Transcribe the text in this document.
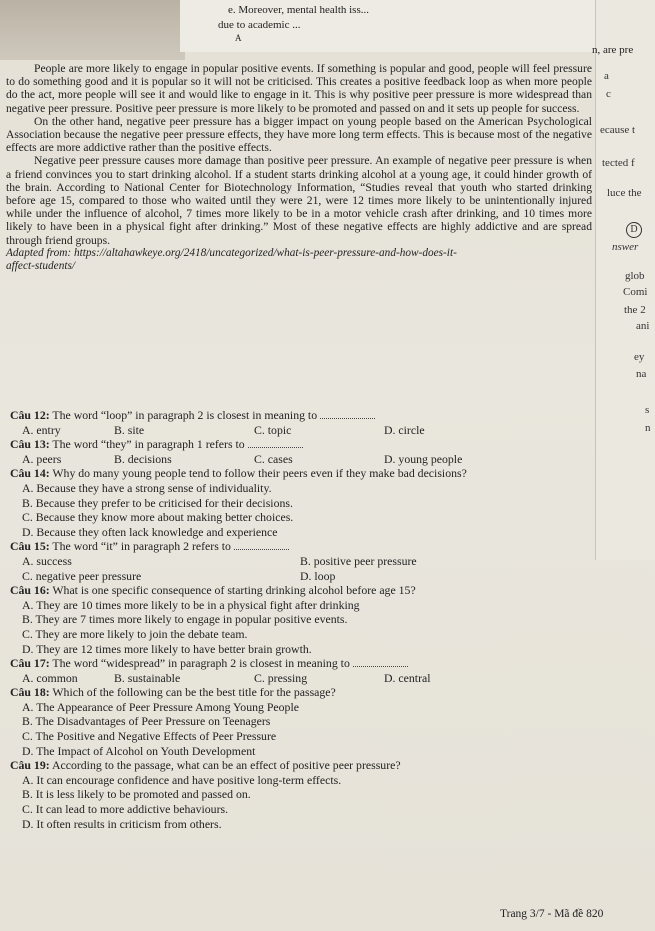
e. Moreover, mental health iss...
due to academic ...
A
n, are pre
a
c
ecause t
tected f
luce the
D
nswer
glob
Comi
the 2
ani
ey
na
s
n

People are more likely to engage in popular positive events. If something is popular and good, people will feel pressure to do something good and it is popular so it will not be criticised. This creates a positive feedback loop as when more people do the act, more people will see it and would like to engage in it. This is why positive peer pressure is more widespread than negative peer pressure. Positive peer pressure is more likely to be promoted and passed on and it sets up people for success.

On the other hand, negative peer pressure has a bigger impact on young people based on the American Psychological Association because the negative peer pressure effects, they have more long term effects. This is because most of the negative effects are more addictive rather than the positive effects.

Negative peer pressure causes more damage than positive peer pressure. An example of negative peer pressure is when a friend convinces you to start drinking alcohol. If a student starts drinking alcohol at a young age, it could hinder growth of the brain. According to National Center for Biotechnology Information, “Studies reveal that youth who started drinking before age 15, compared to those who waited until they were 21, were 12 times more likely to be unintentionally injured while under the influence of alcohol, 7 times more likely to be in a motor vehicle crash after drinking, and 10 times more likely to have been in a physical fight after drinking.” Most of these negative effects are highly addictive and are spread through friend groups.

Adapted from: https://altahawkeye.org/2418/uncategorized/what-is-peer-pressure-and-how-does-it-

affect-students/

Câu 12: The word “loop” in paragraph 2 is closest in meaning to

A. entry	B. site	C. topic	D. circle

Câu 13: The word “they” in paragraph 1 refers to

A. peers	B. decisions	C. cases	D. young people

Câu 14: Why do many young people tend to follow their peers even if they make bad decisions?

A. Because they have a strong sense of individuality.

B. Because they prefer to be criticised for their decisions.

C. Because they know more about making better choices.

D. Because they often lack knowledge and experience

Câu 15: The word “it” in paragraph 2 refers to

A. success	B. positive peer pressure
C. negative peer pressure	D. loop

Câu 16: What is one specific consequence of starting drinking alcohol before age 15?

A. They are 10 times more likely to be in a physical fight after drinking

B. They are 7 times more likely to engage in popular positive events.

C. They are more likely to join the debate team.

D. They are 12 times more likely to have better brain growth.

Câu 17: The word “widespread” in paragraph 2 is closest in meaning to

A. common	B. sustainable	C. pressing	D. central

Câu 18: Which of the following can be the best title for the passage?

A. The Appearance of Peer Pressure Among Young People

B. The Disadvantages of Peer Pressure on Teenagers

C. The Positive and Negative Effects of Peer Pressure

D. The Impact of Alcohol on Youth Development

Câu 19: According to the passage, what can be an effect of positive peer pressure?

A. It can encourage confidence and have positive long-term effects.

B. It is less likely to be promoted and passed on.

C. It can lead to more addictive behaviours.

D. It often results in criticism from others.

Trang 3/7 - Mã đề 820
